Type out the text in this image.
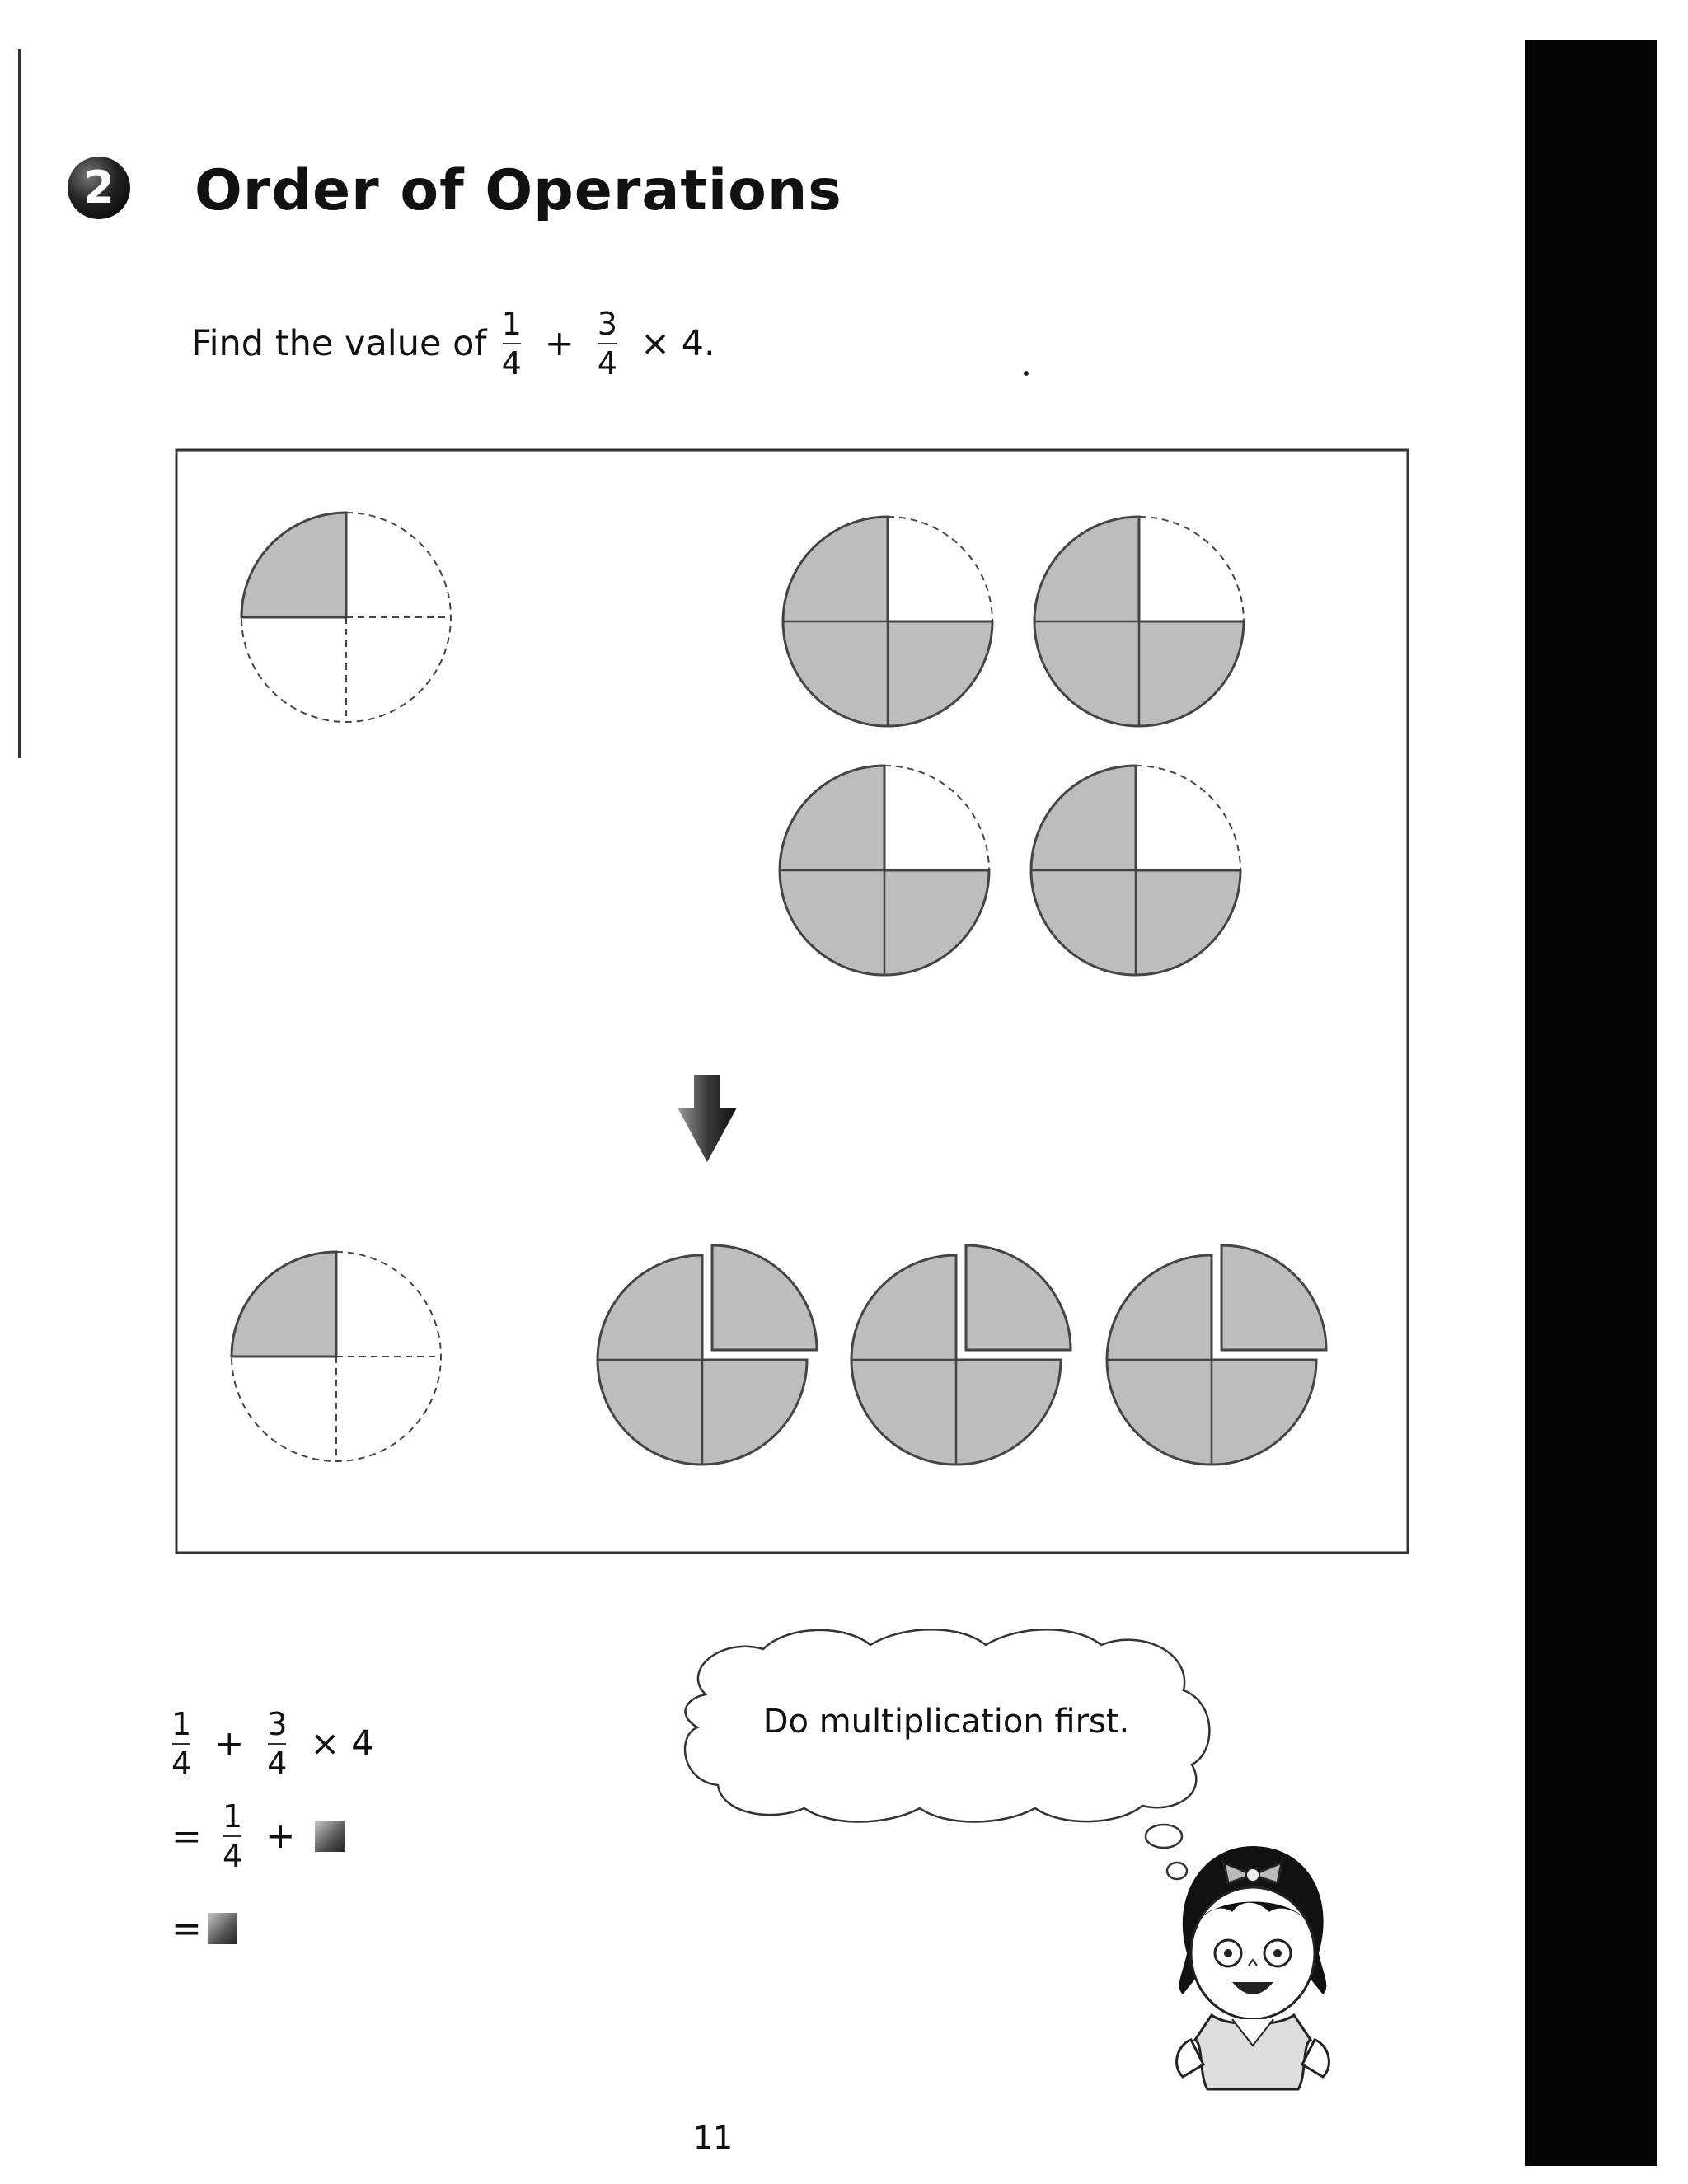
2 Order of Operations
Find the value of $\frac{1}{4} + \frac{3}{4} \times 4$.
$\frac{1}{4} + \frac{3}{4} \times 4$
= $\frac{1}{4}$ +
=
Do multiplication first.
11
